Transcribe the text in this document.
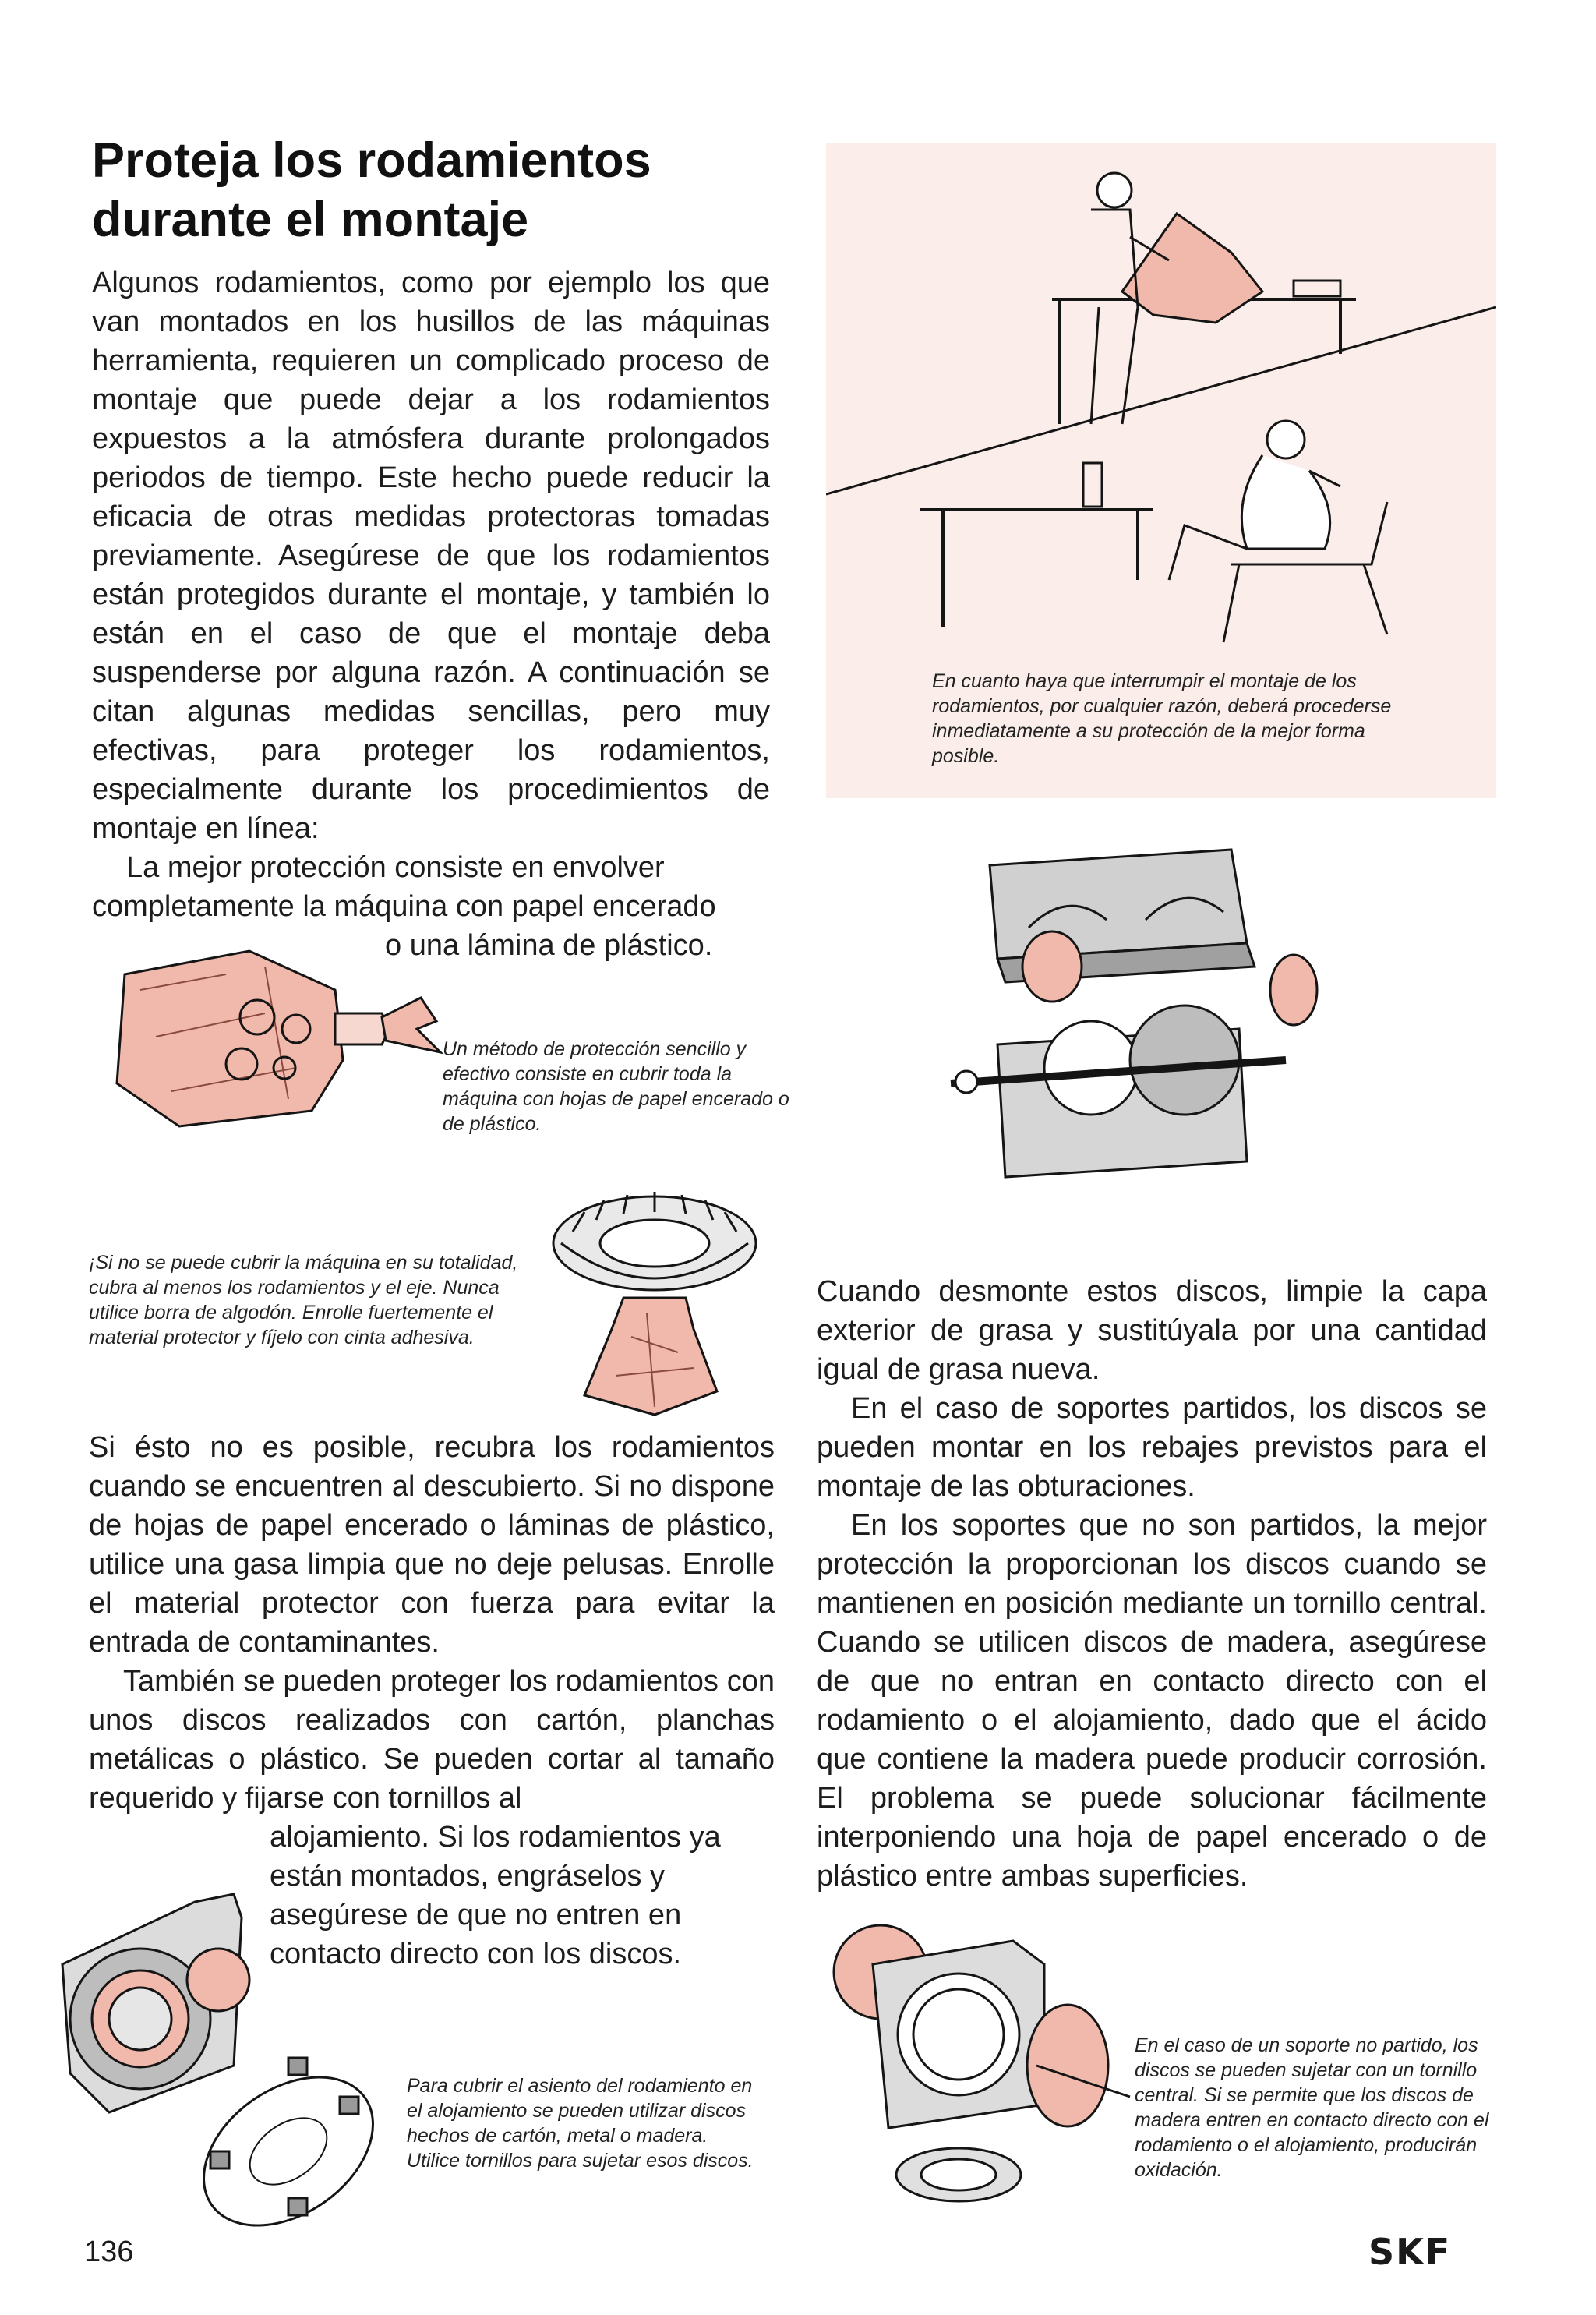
Proteja los rodamientos durante el montaje

Algunos rodamientos, como por ejemplo los que van montados en los husillos de las máquinas herramienta, requieren un complicado proceso de montaje que puede dejar a los rodamientos expuestos a la atmósfera durante prolongados periodos de tiempo. Este hecho puede reducir la eficacia de otras medidas protectoras tomadas previamente. Asegúrese de que los rodamientos están protegidos durante el montaje, y también lo están en el caso de que el montaje deba suspenderse por alguna razón. A continuación se citan algunas medidas sencillas, pero muy efectivas, para proteger los rodamientos, especialmente durante los procedimientos de montaje en línea:

La mejor protección consiste en envolver completamente la máquina con papel encerado

o una lámina de plástico.

Un método de protección sencillo y efectivo consiste en cubrir toda la máquina con hojas de papel encerado o de plástico.
¡Si no se puede cubrir la máquina en su totalidad, cubra al menos los rodamientos y el eje. Nunca utilice borra de algodón. Enrolle fuertemente el material protector y fíjelo con cinta adhesiva.

Si ésto no es posible, recubra los rodamientos cuando se encuentren al descubierto. Si no dispone de hojas de papel encerado o láminas de plástico, utilice una gasa limpia que no deje pelusas. Enrolle el material protector con fuerza para evitar la entrada de contaminantes.

También se pueden proteger los rodamientos con unos discos realizados con cartón, planchas metálicas o plástico. Se pueden cortar al tamaño requerido y fijarse con tornillos al

alojamiento. Si los rodamientos ya están montados, engráselos y asegúrese de que no entren en contacto directo con los discos.

Para cubrir el asiento del rodamiento en el alojamiento se pueden utilizar discos hechos de cartón, metal o madera. Utilice tornillos para sujetar esos discos.
En cuanto haya que interrumpir el montaje de los rodamientos, por cualquier razón, deberá procederse inmediatamente a su protección de la mejor forma posible.

Cuando desmonte estos discos, limpie la capa exterior de grasa y sustitúyala por una cantidad igual de grasa nueva.

En el caso de soportes partidos, los discos se pueden montar en los rebajes previstos para el montaje de las obturaciones.

En los soportes que no son partidos, la mejor protección la proporcionan los discos cuando se mantienen en posición mediante un tornillo central. Cuando se utilicen discos de madera, asegúrese de que no entran en contacto directo con el rodamiento o el alojamiento, dado que el ácido que contiene la madera puede producir corrosión. El problema se puede solucionar fácilmente interponiendo una hoja de papel encerado o de plástico entre ambas superficies.

En el caso de un soporte no partido, los discos se pueden sujetar con un tornillo central. Si se permite que los discos de madera entren en contacto directo con el rodamiento o el alojamiento, producirán oxidación.
136	SKF
